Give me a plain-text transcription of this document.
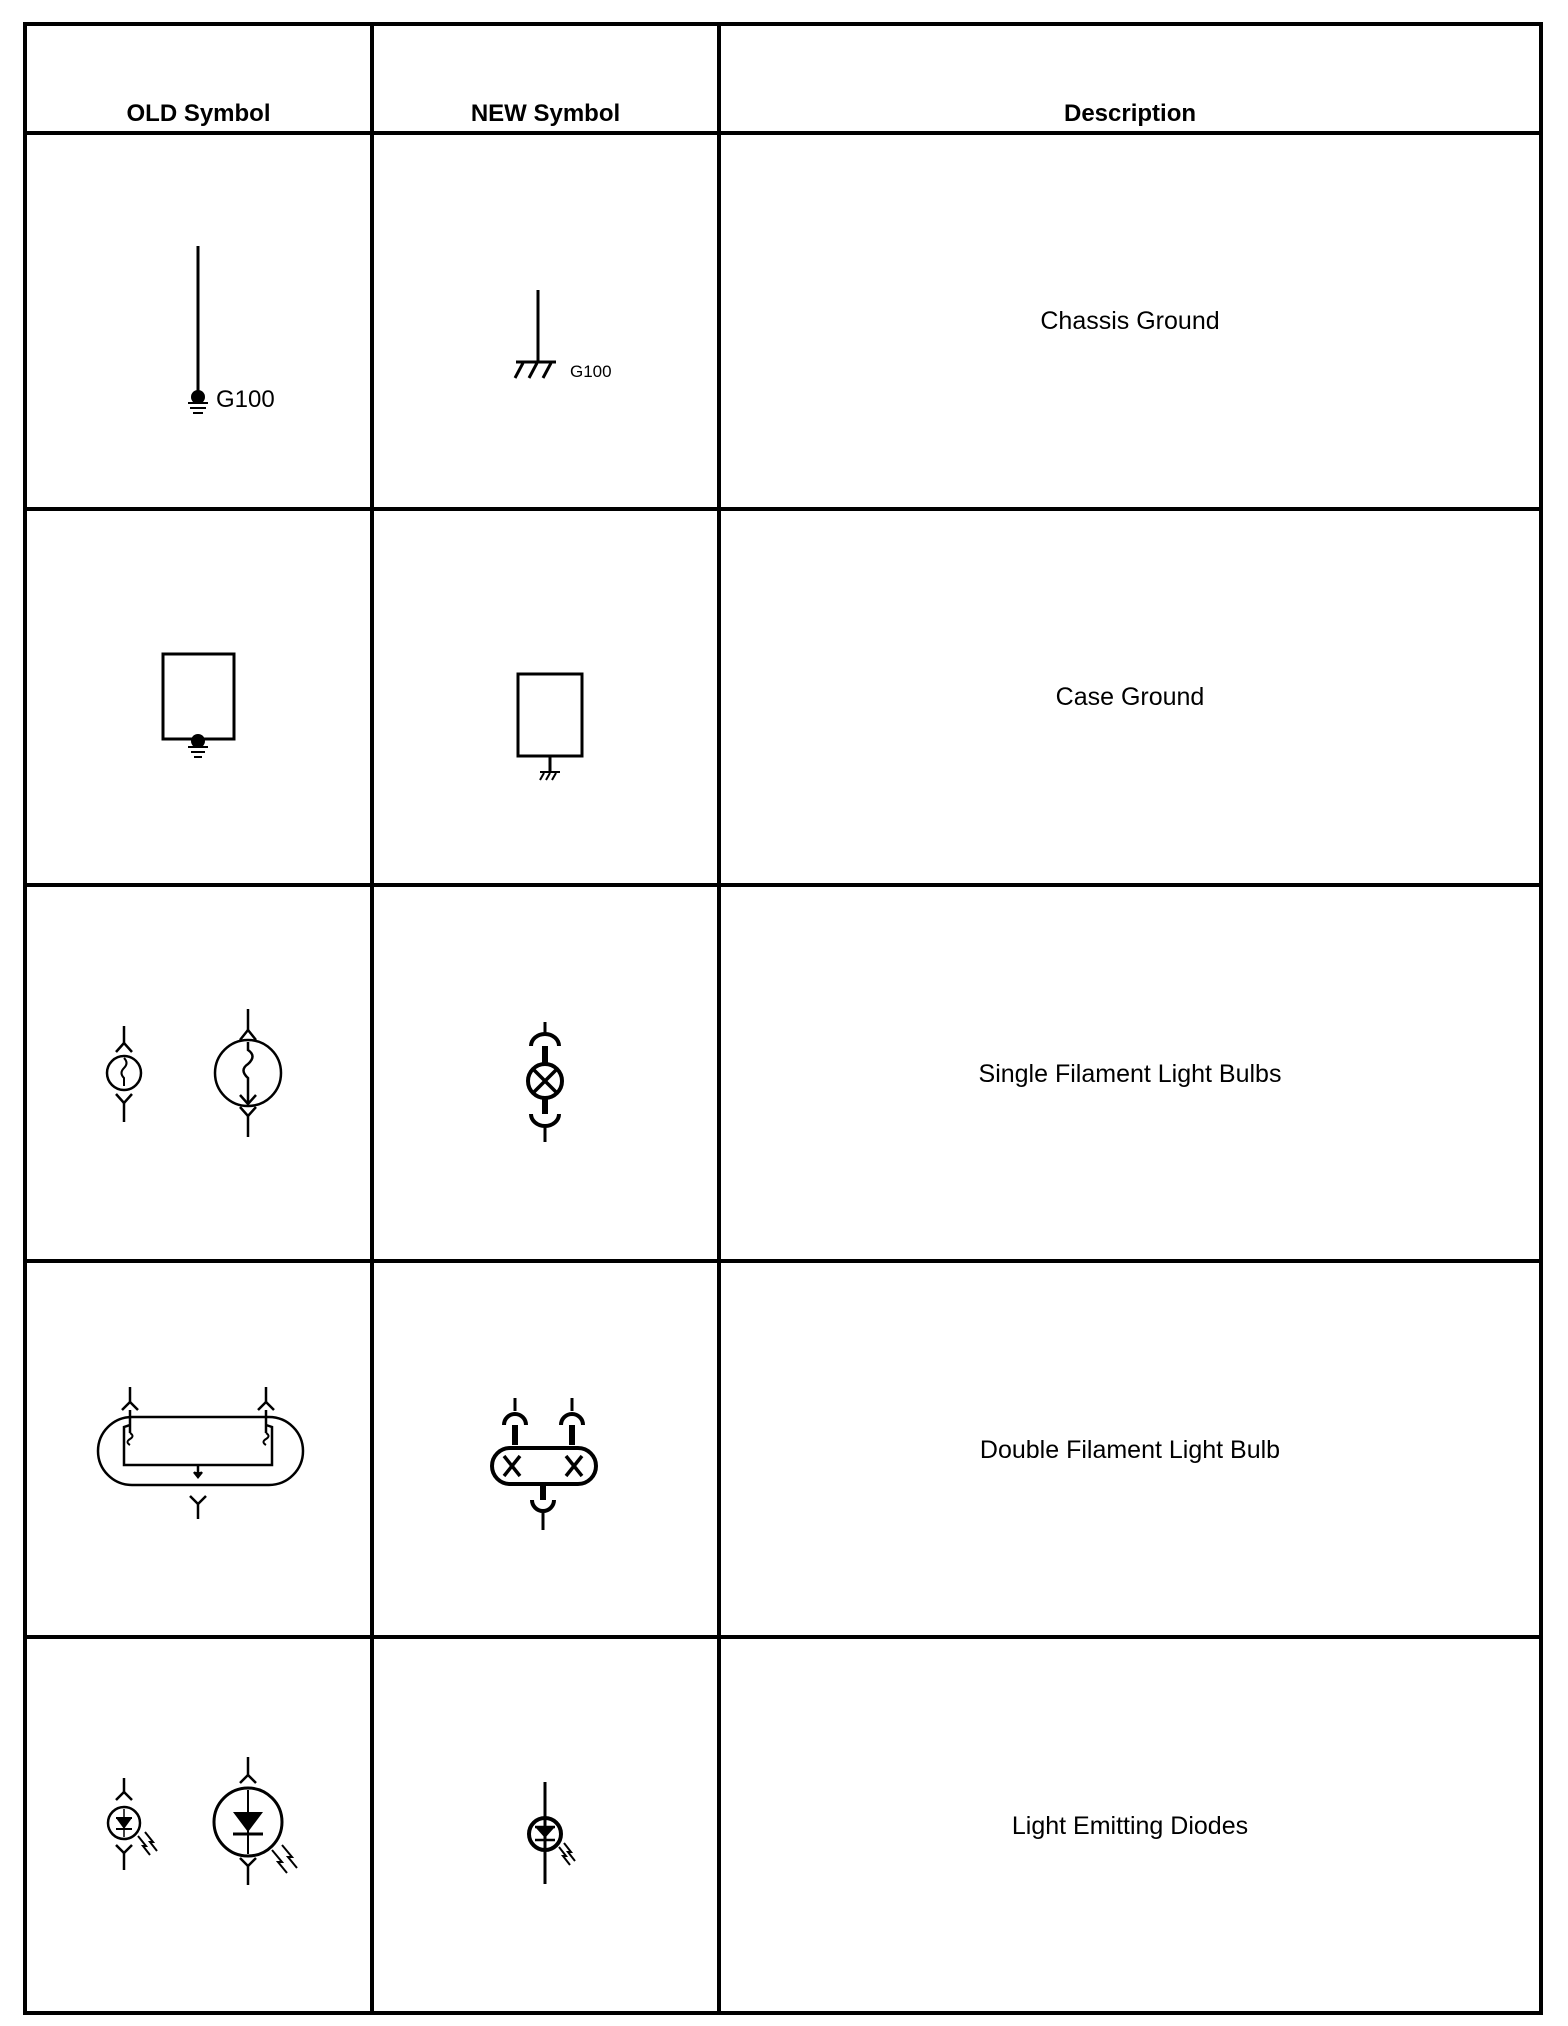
OLD Symbol	NEW Symbol	Description
Chassis Ground
Case Ground
Single Filament Light Bulbs
Double Filament Light Bulb
Light Emitting Diodes
G100
G100
